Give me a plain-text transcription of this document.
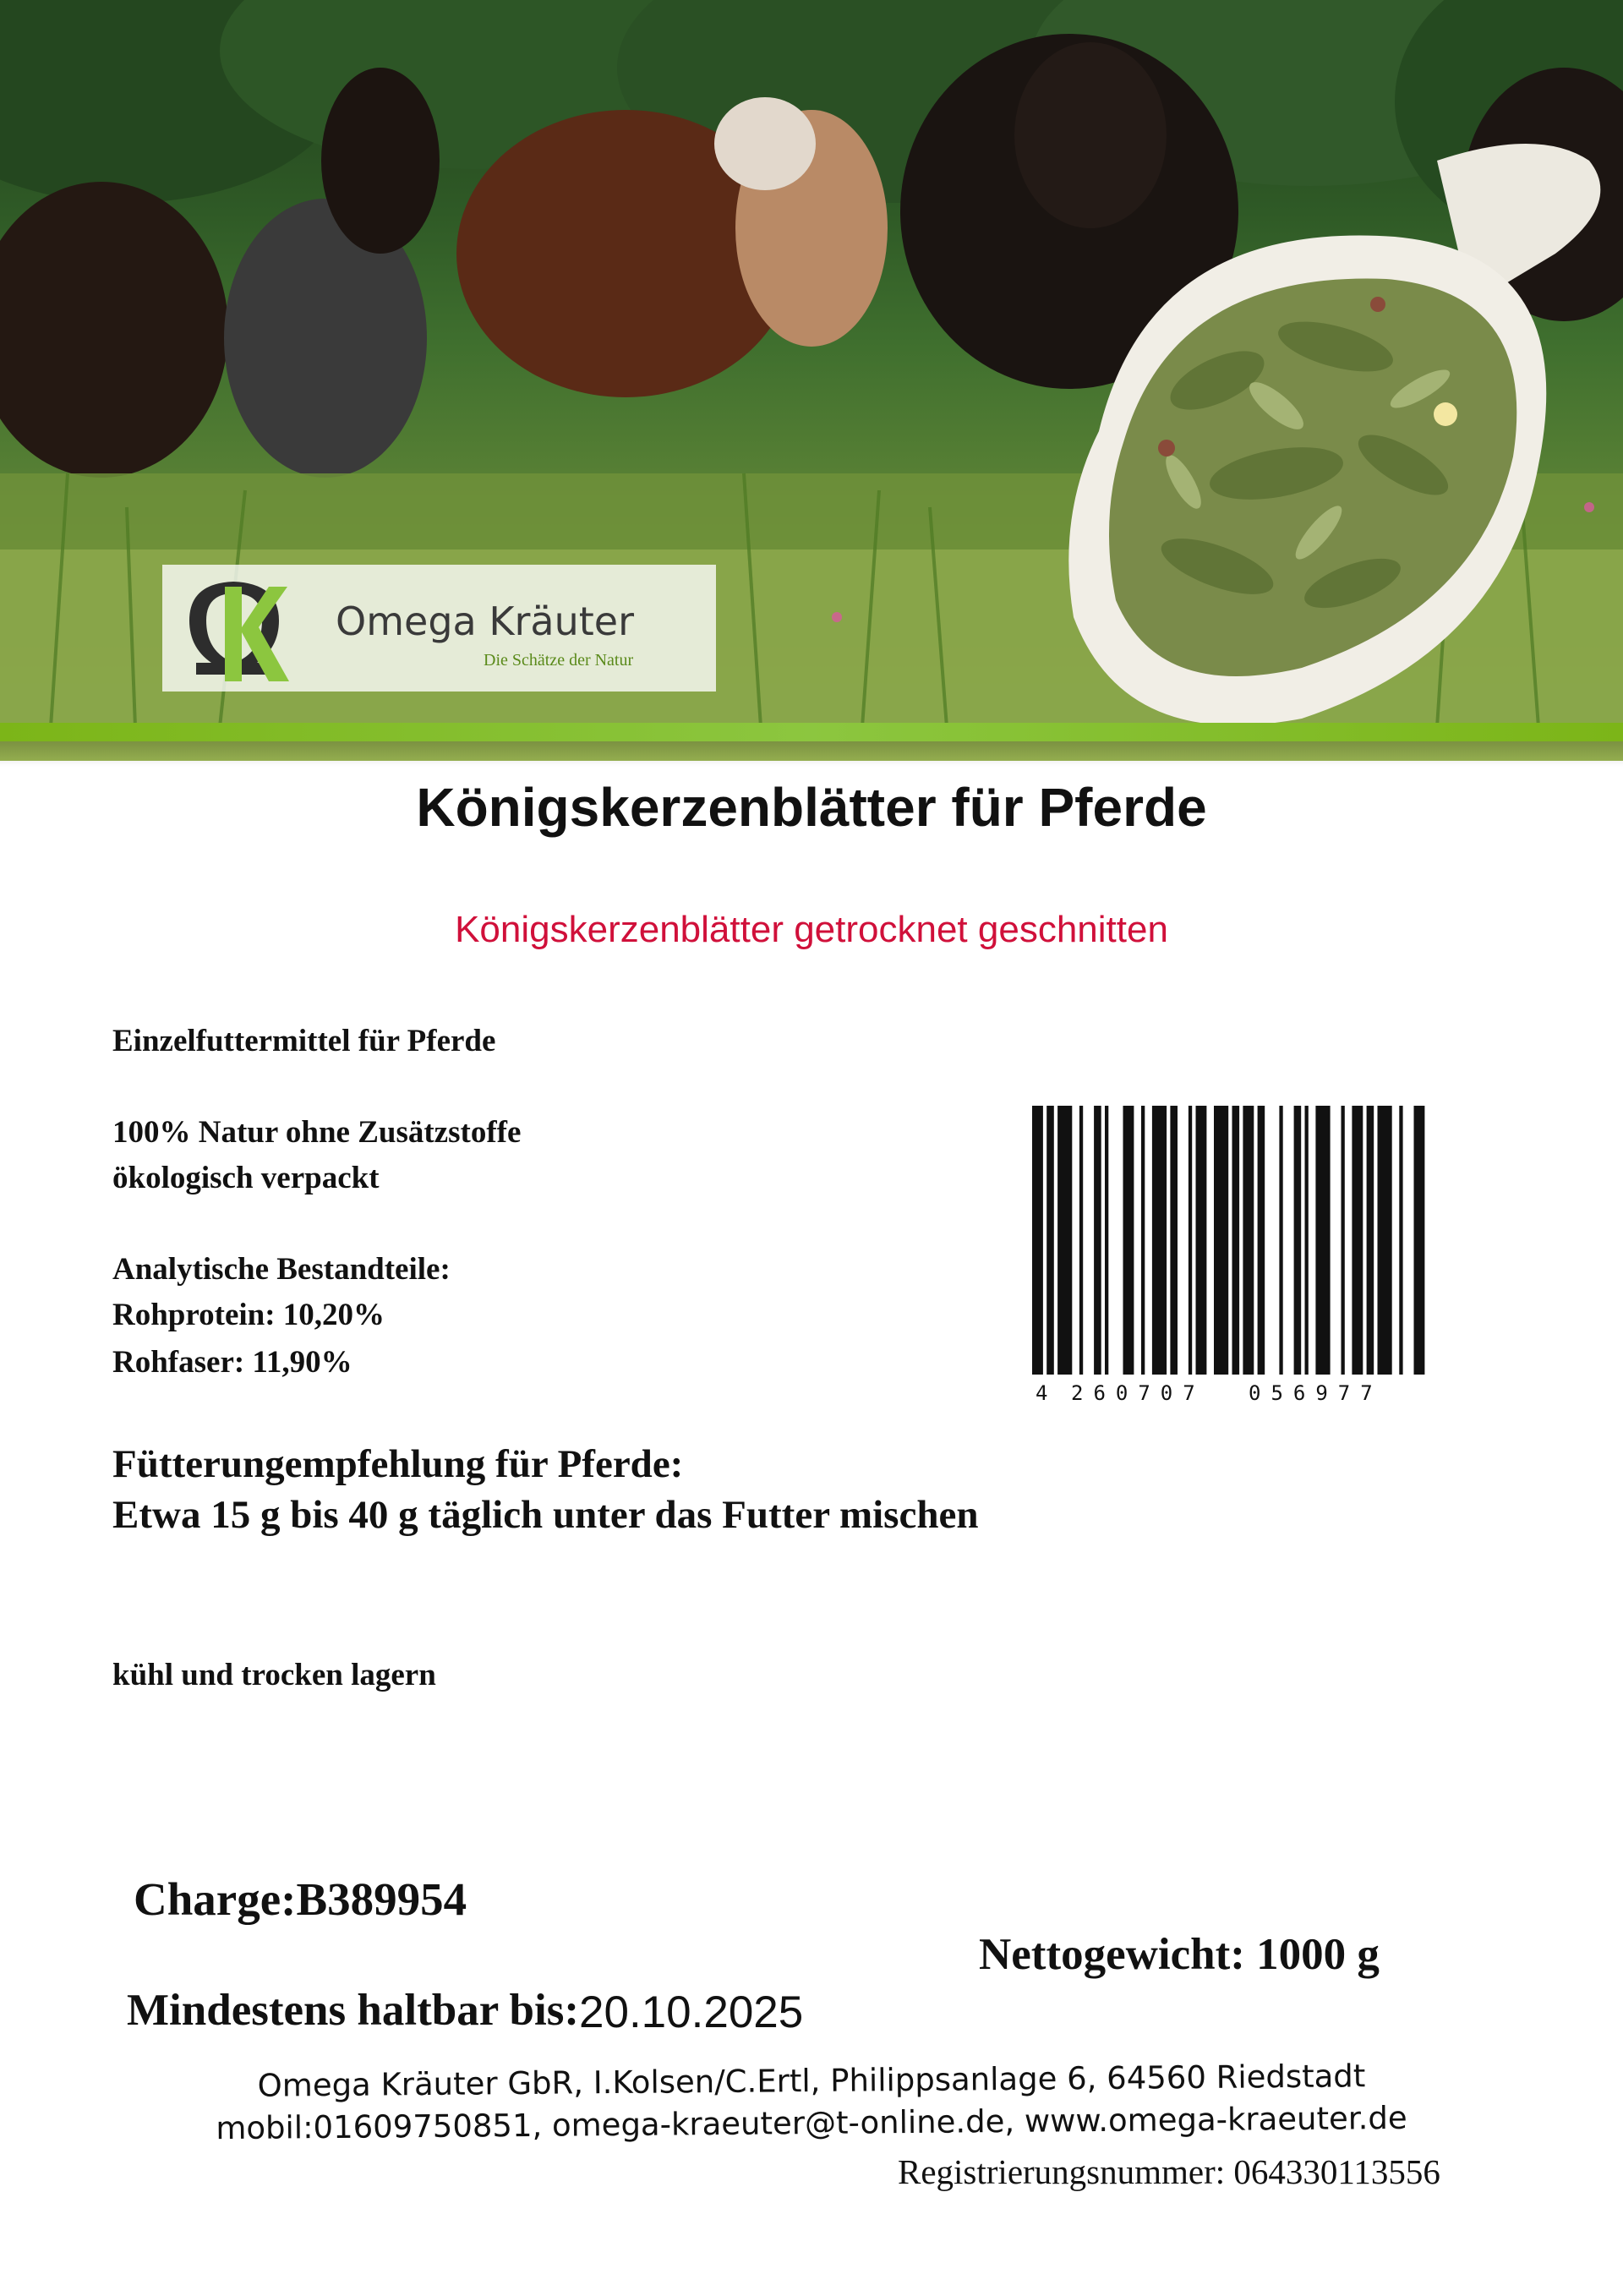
Omega Kräuter
Die Schätze der Natur
Königskerzenblätter für Pferde
Königskerzenblätter getrocknet geschnitten
Einzelfuttermittel für Pferde
100% Natur ohne Zusätzstoffe
ökologisch verpackt
Analytische Bestandteile:
Rohprotein: 10,20%
Rohfaser: 11,90%
Fütterungempfehlung für Pferde:
Etwa 15 g bis 40 g täglich unter das Futter mischen
kühl und trocken lagern
4 260707 056977
Charge:B389954
Nettogewicht: 1000 g
Mindestens haltbar bis: 20.10.2025
Omega Kräuter GbR, I.Kolsen/C.Ertl, Philippsanlage 6, 64560 Riedstadt
mobil:01609750851, omega-kraeuter@t-online.de, www.omega-kraeuter.de
Registrierungsnummer: 064330113556
